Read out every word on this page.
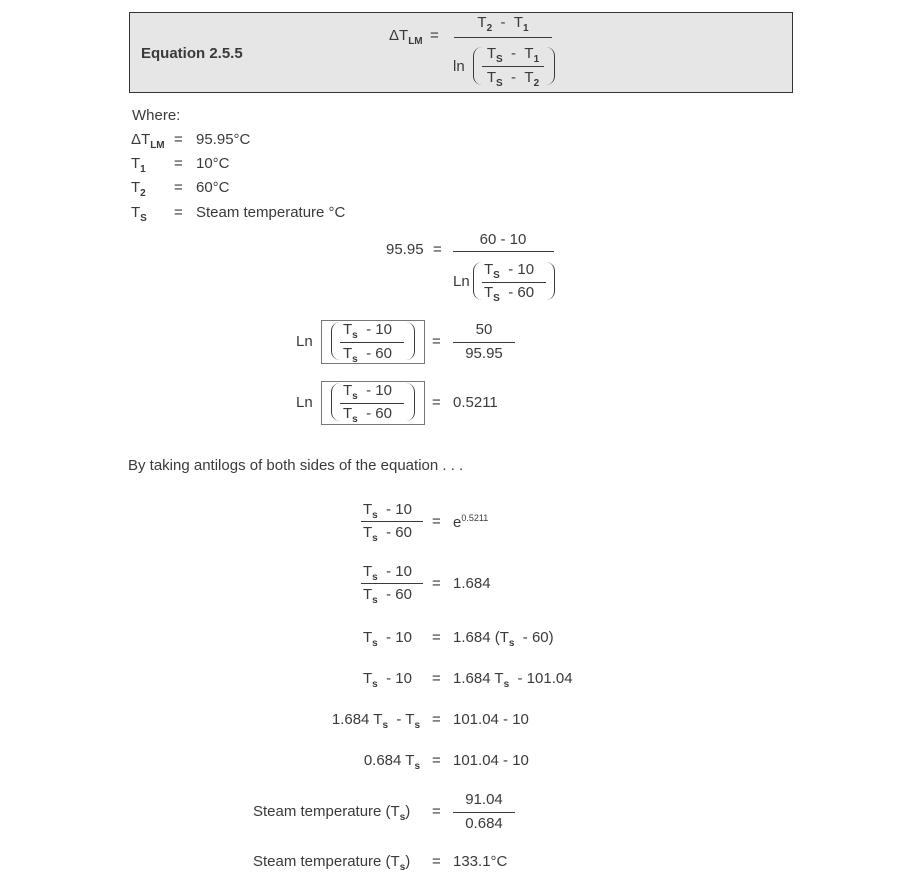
Equation 2.5.5
$\Delta T_{LM}$ =
$T_2 - T_1$
ln
$T_S - T_1$
$T_S - T_2$
Where:
$\Delta T_{LM} = 95.95^\circ C$
$T_1 = 10^\circ C$
$T_2 = 60^\circ C$
$T_S$ = Steam temperature °C
95.95 =
60 - 10
Ln
$T_S - 10$
$T_S - 60$
Ln
$T_s - 10$
$T_s - 60$
=
50
95.95
Ln
$T_s - 10$
$T_s - 60$
= 0.5211
By taking antilogs of both sides of the equation . . .
$T_s - 10$
$T_s - 60$
= $e^{0.5211}$
$T_s - 10$
$T_s - 60$
= 1.684
$T_s - 10 = 1.684$ $(T_s - 60)$
$T_s - 10 = 1.684$ $T_s - 101.04$
1.684 $T_s - T_s = 101.04 - 10$
0.684 $T_s = 101.04 - 10$
Steam temperature $(T_s)$ =
91.04
0.684
Steam temperature $(T_s) = 133.1^\circ C$
